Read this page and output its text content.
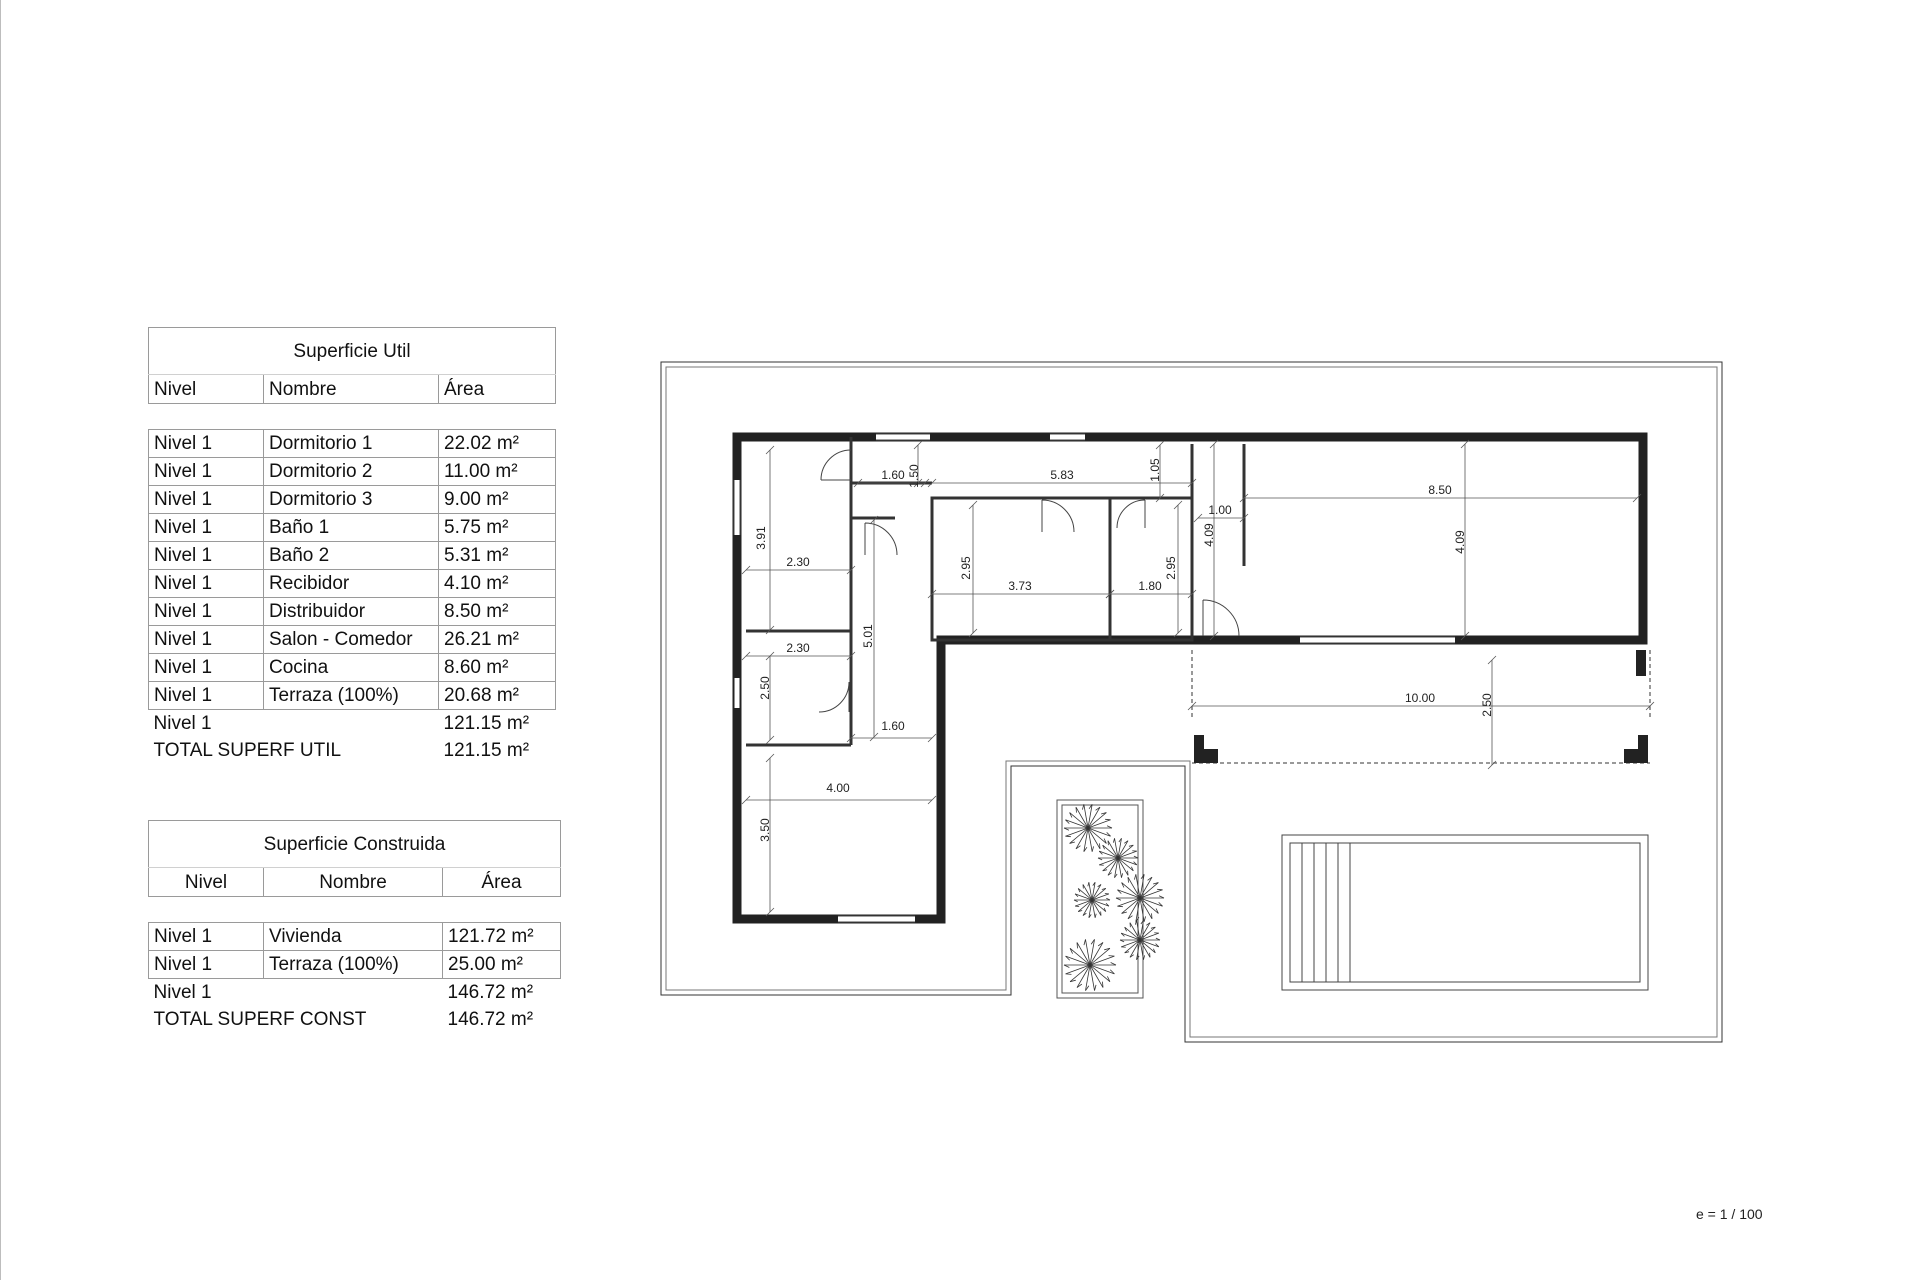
Superficie Util		
Nivel	Nombre	Área

Nivel 1	Dormitorio 1	22.02 m²
Nivel 1	Dormitorio 2	11.00 m²
Nivel 1	Dormitorio 3	9.00 m²
Nivel 1	Baño 1	5.75 m²
Nivel 1	Baño 2	5.31 m²
Nivel 1	Recibidor	4.10 m²
Nivel 1	Distribuidor	8.50 m²
Nivel 1	Salon - Comedor	26.21 m²
Nivel 1	Cocina	8.60 m²
Nivel 1	Terraza (100%)	20.68 m²
Nivel 1		121.15 m²
TOTAL SUPERF UTIL		121.15 m²
Superficie Construida		
Nivel	Nombre	Área

Nivel 1	Vivienda	121.72 m²
Nivel 1	Terraza (100%)	25.00 m²
Nivel 1		146.72 m²
TOTAL SUPERF CONST		146.72 m²
3.91
2.30
1.60 1.50	5.83	1.05
1.00
4.09
8.50
4.09
2.95
3.73
2.95
1.80
5.01
2.30
2.50
1.60
4.00
3.50
10.00	2.50
e = 1 / 100
